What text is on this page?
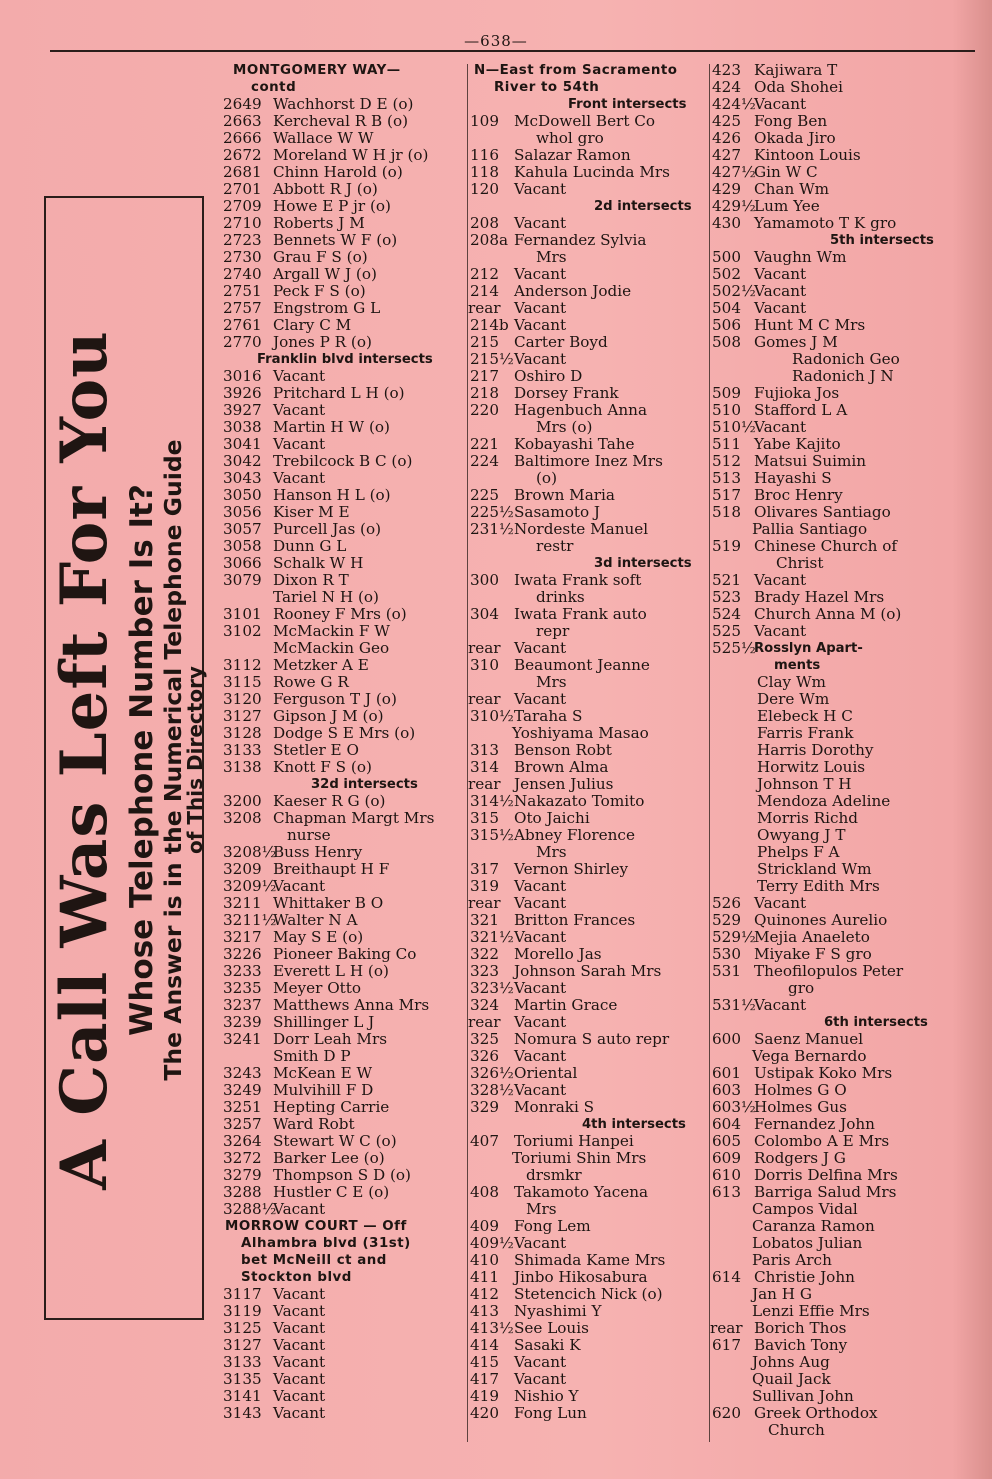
—638—
A Call Was Left For You Whose Telephone Number Is It? The Answer is in the Numerical Telephone Guide
of This Directory
MONTGOMERY WAY—
contd
2649 Wachhorst D E (o)
2663 Kercheval R B (o)
2666 Wallace W W
2672 Moreland W H jr (o)
2681 Chinn Harold (o)
2701 Abbott R J (o)
2709 Howe E P jr (o)
2710 Roberts J M
2723 Bennets W F (o)
2730 Grau F S (o)
2740 Argall W J (o)
2751 Peck F S (o)
2757 Engstrom G L
2761 Clary C M
2770 Jones P R (o)
Franklin blvd intersects
3016 Vacant
3926 Pritchard L H (o)
3927 Vacant
3038 Martin H W (o)
3041 Vacant
3042 Trebilcock B C (o)
3043 Vacant
3050 Hanson H L (o)
3056 Kiser M E
3057 Purcell Jas (o)
3058 Dunn G L
3066 Schalk W H
3079 Dixon R T
Tariel N H (o)
3101 Rooney F Mrs (o)
3102 McMackin F W
McMackin Geo
3112 Metzker A E
3115 Rowe G R
3120 Ferguson T J (o)
3127 Gipson J M (o)
3128 Dodge S E Mrs (o)
3133 Stetler E O
3138 Knott F S (o)
32d intersects
3200 Kaeser R G (o)
3208 Chapman Margt Mrs
nurse
3208½
Buss Henry
3209 Breithaupt H F
3209½
Vacant
3211 Whittaker B O
3211½
Walter N A
3217 May S E (o)
3226 Pioneer Baking Co
3233 Everett L H (o)
3235 Meyer Otto
3237 Matthews Anna Mrs
3239 Shillinger L J
3241 Dorr Leah Mrs
Smith D P
3243 McKean E W
3249 Mulvihill F D
3251 Hepting Carrie
3257 Ward Robt
3264 Stewart W C (o)
3272 Barker Lee (o)
3279 Thompson S D (o)
3288 Hustler C E (o)
3288½
Vacant
MORROW COURT — Off
Alhambra blvd (31st)
bet McNeill ct and
Stockton blvd
3117 Vacant
3119 Vacant
3125 Vacant
3127 Vacant
3133 Vacant
3135 Vacant
3141 Vacant
3143 Vacant
N—East from Sacramento
River to 54th
Front intersects
109 McDowell Bert Co
whol gro
116 Salazar Ramon
118 Kahula Lucinda Mrs
120 Vacant
2d intersects
208 Vacant
208a Fernandez Sylvia
Mrs
212 Vacant
214 Anderson Jodie
rear Vacant
214b Vacant
215 Carter Boyd
215½ Vacant
217 Oshiro D
218 Dorsey Frank
220 Hagenbuch Anna
Mrs (o)
221 Kobayashi Tahe
224 Baltimore Inez Mrs
(o)
225 Brown Maria
225½ Sasamoto J
231½ Nordeste Manuel
restr
3d intersects
300 Iwata Frank soft
drinks
304 Iwata Frank auto
repr
rear Vacant
310 Beaumont Jeanne
Mrs
rear Vacant
310½ Taraha S
Yoshiyama Masao
313 Benson Robt
314 Brown Alma
rear Jensen Julius
314½ Nakazato Tomito
315 Oto Jaichi
315½ Abney Florence
Mrs
317 Vernon Shirley
319 Vacant
rear Vacant
321 Britton Frances
321½ Vacant
322 Morello Jas
323 Johnson Sarah Mrs
323½ Vacant
324 Martin Grace
rear Vacant
325 Nomura S auto repr
326 Vacant
326½ Oriental
328½ Vacant
329 Monraki S
4th intersects
407 Toriumi Hanpei
Toriumi Shin Mrs
drsmkr
408 Takamoto Yacena
Mrs
409 Fong Lem
409½ Vacant
410 Shimada Kame Mrs
411 Jinbo Hikosabura
412 Stetencich Nick (o)
413 Nyashimi Y
413½ See Louis
414 Sasaki K
415 Vacant
417 Vacant
419 Nishio Y
420 Fong Lun
423 Kajiwara T
424 Oda Shohei
424½
Vacant
425 Fong Ben
426 Okada Jiro
427 Kintoon Louis
427½
Gin W C
429 Chan Wm
429½
Lum Yee
430 Yamamoto T K gro
5th intersects
500 Vaughn Wm
502 Vacant
502½
Vacant
504 Vacant
506 Hunt M C Mrs
508 Gomes J M
Radonich Geo
Radonich J N
509 Fujioka Jos
510 Stafford L A
510½
Vacant
511 Yabe Kajito
512 Matsui Suimin
513 Hayashi S
517 Broc Henry
518 Olivares Santiago
Pallia Santiago
519 Chinese Church of
Christ
521 Vacant
523 Brady Hazel Mrs
524 Church Anna M (o)
525 Vacant
525½
Rosslyn Apart-
ments
Clay Wm
Dere Wm
Elebeck H C
Farris Frank
Harris Dorothy
Horwitz Louis
Johnson T H
Mendoza Adeline
Morris Richd
Owyang J T
Phelps F A
Strickland Wm
Terry Edith Mrs
526 Vacant
529 Quinones Aurelio
529½
Mejia Anaeleto
530 Miyake F S gro
531 Theofilopulos Peter
gro
531½
Vacant
6th intersects
600 Saenz Manuel
Vega Bernardo
601 Ustipak Koko Mrs
603 Holmes G O
603½
Holmes Gus
604 Fernandez John
605 Colombo A E Mrs
609 Rodgers J G
610 Dorris Delfina Mrs
613 Barriga Salud Mrs
Campos Vidal
Caranza Ramon
Lobatos Julian
Paris Arch
614 Christie John
Jan H G
Lenzi Effie Mrs
rear Borich Thos
617 Bavich Tony
Johns Aug
Quail Jack
Sullivan John
620 Greek Orthodox
Church
